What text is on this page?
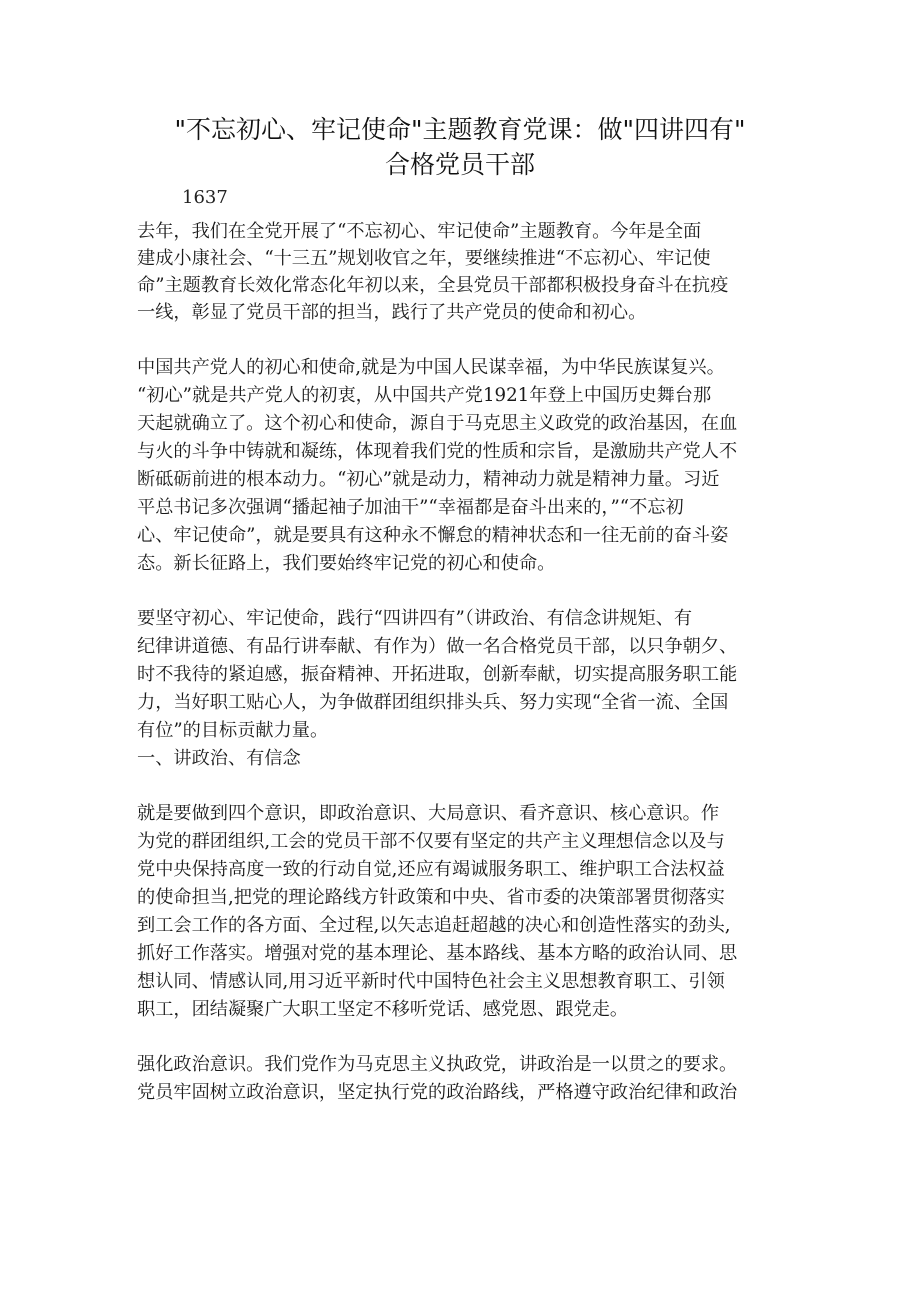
"不忘初心、牢记使命"主题教育党课：做"四讲四有"
合格党员干部
1637
去年，我们在全党开展了“不忘初心、牢记使命”主题教育。今年是全面
建成小康社会、“十三五”规划收官之年，要继续推进“不忘初心、牢记使
命”主题教育长效化常态化年初以来，全县党员干部都积极投身奋斗在抗疫
一线，彰显了党员干部的担当，践行了共产党员的使命和初心。
中国共产党人的初心和使命,就是为中国人民谋幸福，为中华民族谋复兴。
“初心”就是共产党人的初衷，从中国共产党1921年登上中国历史舞台那
天起就确立了。这个初心和使命，源自于马克思主义政党的政治基因，在血
与火的斗争中铸就和凝练，体现着我们党的性质和宗旨，是激励共产党人不
断砥砺前进的根本动力。“初心”就是动力，精神动力就是精神力量。习近
平总书记多次强调“播起袖子加油干”“幸福都是奋斗出来的，”“不忘初
心、牢记使命”，就是要具有这种永不懈怠的精神状态和一往无前的奋斗姿
态。新长征路上，我们要始终牢记党的初心和使命。
要坚守初心、牢记使命，践行“四讲四有”（讲政治、有信念讲规矩、有
纪律讲道德、有品行讲奉献、有作为）做一名合格党员干部，以只争朝夕、
时不我待的紧迫感，振奋精神、开拓进取，创新奉献，切实提高服务职工能
力，当好职工贴心人，为争做群团组织排头兵、努力实现“全省一流、全国
有位”的目标贡献力量。
一、讲政治、有信念
就是要做到四个意识，即政治意识、大局意识、看齐意识、核心意识。作
为党的群团组织,工会的党员干部不仅要有坚定的共产主义理想信念以及与
党中央保持高度一致的行动自觉,还应有竭诚服务职工、维护职工合法权益
的使命担当,把党的理论路线方针政策和中央、省市委的决策部署贯彻落实
到工会工作的各方面、全过程,以矢志追赶超越的决心和创造性落实的劲头,
抓好工作落实。增强对党的基本理论、基本路线、基本方略的政治认同、思
想认同、情感认同,用习近平新时代中国特色社会主义思想教育职工、引领
职工，团结凝聚广大职工坚定不移听党话、感党恩、跟党走。
强化政治意识。我们党作为马克思主义执政党，讲政治是一以贯之的要求。
党员牢固树立政治意识，坚定执行党的政治路线，严格遵守政治纪律和政治
